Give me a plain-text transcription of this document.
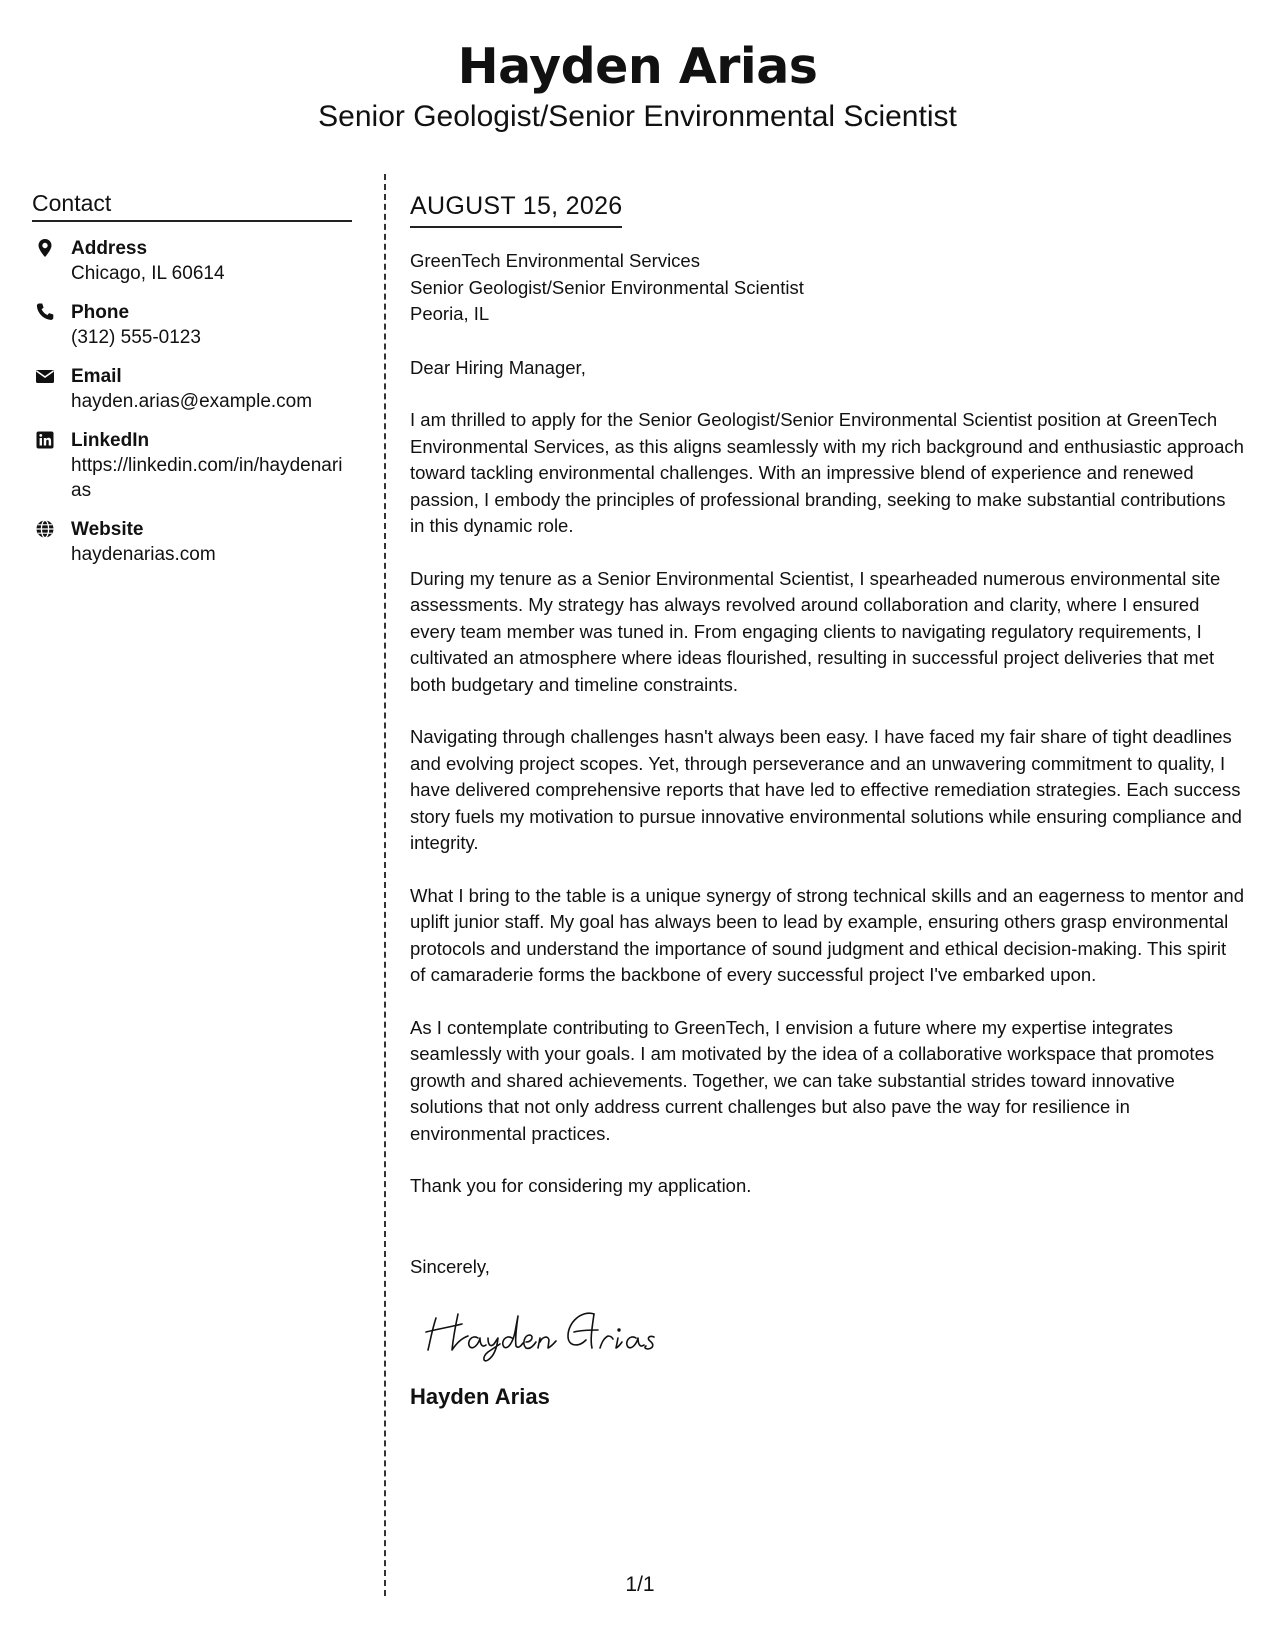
Hayden Arias
Senior Geologist/Senior Environmental Scientist
Contact
Address
Chicago, IL 60614
Phone
(312) 555-0123
Email
hayden.arias@example.com
LinkedIn
https://linkedin.com/in/haydenarias
Website
haydenarias.com
AUGUST 15, 2026
GreenTech Environmental Services
Senior Geologist/Senior Environmental Scientist
Peoria, IL

Dear Hiring Manager,

I am thrilled to apply for the Senior Geologist/Senior Environmental Scientist position at GreenTech Environmental Services, as this aligns seamlessly with my rich background and enthusiastic approach toward tackling environmental challenges. With an impressive blend of experience and renewed passion, I embody the principles of professional branding, seeking to make substantial contributions in this dynamic role.

During my tenure as a Senior Environmental Scientist, I spearheaded numerous environmental site assessments. My strategy has always revolved around collaboration and clarity, where I ensured every team member was tuned in. From engaging clients to navigating regulatory requirements, I cultivated an atmosphere where ideas flourished, resulting in successful project deliveries that met both budgetary and timeline constraints.

Navigating through challenges hasn't always been easy. I have faced my fair share of tight deadlines and evolving project scopes. Yet, through perseverance and an unwavering commitment to quality, I have delivered comprehensive reports that have led to effective remediation strategies. Each success story fuels my motivation to pursue innovative environmental solutions while ensuring compliance and integrity.

What I bring to the table is a unique synergy of strong technical skills and an eagerness to mentor and uplift junior staff. My goal has always been to lead by example, ensuring others grasp environmental protocols and understand the importance of sound judgment and ethical decision-making. This spirit of camaraderie forms the backbone of every successful project I've embarked upon.

As I contemplate contributing to GreenTech, I envision a future where my expertise integrates seamlessly with your goals. I am motivated by the idea of a collaborative workspace that promotes growth and shared achievements. Together, we can take substantial strides toward innovative solutions that not only address current challenges but also pave the way for resilience in environmental practices.

Thank you for considering my application.

Sincerely,
Hayden Arias
1/1
